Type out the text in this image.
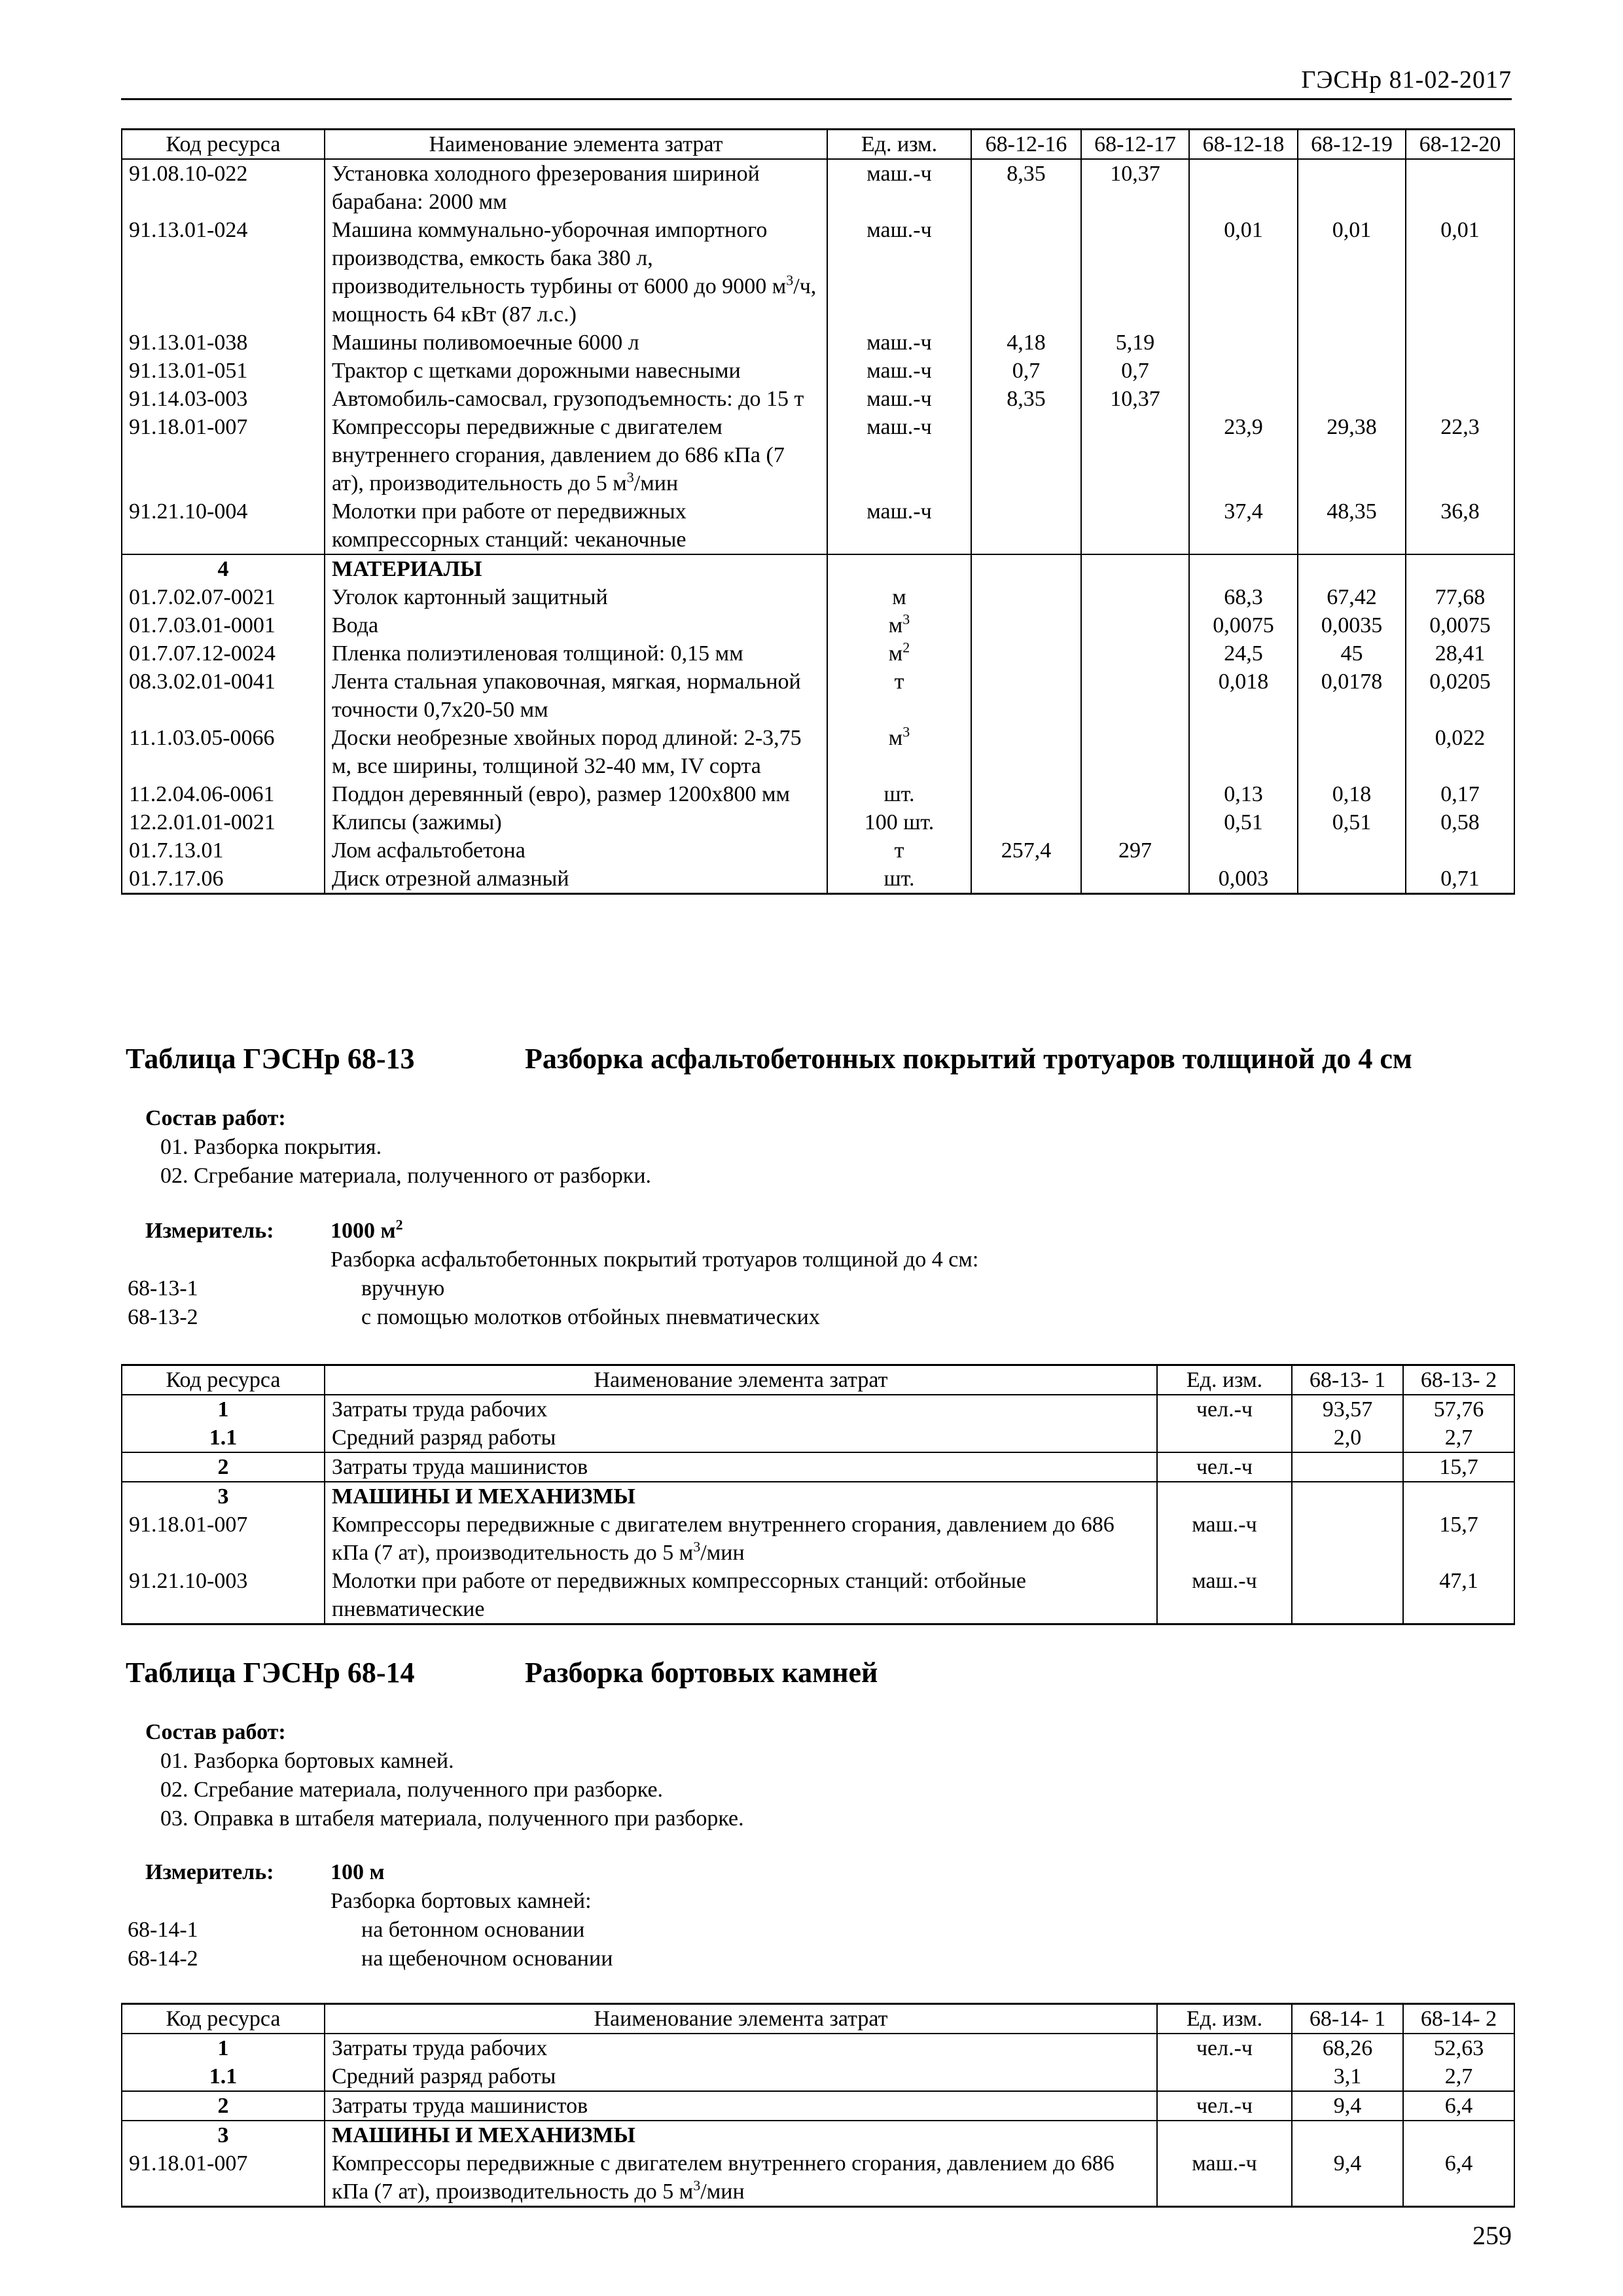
ГЭСНр 81-02-2017
Код ресурса	Наименование элемента затрат	Ед. изм.	68-12-16	68-12-17	68-12-18	68-12-19	68-12-20
91.08.10-022	Установка холодного фрезерования шириной барабана: 2000 мм	маш.-ч	8,35	10,37			
91.13.01-024	Машина коммунально-уборочная импортного производства, емкость бака 380 л, производительность турбины от 6000 до 9000 $м^3/ч$, мощность 64 кВт (87 л.с.)	маш.-ч			0,01	0,01	0,01
91.13.01-038	Машины поливомоечные 6000 л	маш.-ч	4,18	5,19			
91.13.01-051	Трактор с щетками дорожными навесными	маш.-ч	0,7	0,7			
91.14.03-003	Автомобиль-самосвал, грузоподъемность: до 15 т	маш.-ч	8,35	10,37			
91.18.01-007	Компрессоры передвижные с двигателем внутреннего сгорания, давлением до 686 кПа (7 ат), производительность до 5 $м^3$/мин	маш.-ч			23,9	29,38	22,3
91.21.10-004	Молотки при работе от передвижных компрессорных станций: чеканочные	маш.-ч			37,4	48,35	36,8
4	МАТЕРИАЛЫ						
01.7.02.07-0021	Уголок картонный защитный	м			68,3	67,42	77,68
01.7.03.01-0001	Вода	$м^3$			0,0075	0,0035	0,0075
01.7.07.12-0024	Пленка полиэтиленовая толщиной: 0,15 мм	$м^2$			24,5	45	28,41
08.3.02.01-0041	Лента стальная упаковочная, мягкая, нормальной точности 0,7х20-50 мм	т			0,018	0,0178	0,0205
11.1.03.05-0066	Доски необрезные хвойных пород длиной: 2-3,75 м, все ширины, толщиной 32-40 мм, IV сорта	$м^3$					0,022
11.2.04.06-0061	Поддон деревянный (евро), размер 1200х800 мм	шт.			0,13	0,18	0,17
12.2.01.01-0021	Клипсы (зажимы)	100 шт.			0,51	0,51	0,58
01.7.13.01	Лом асфальтобетона	т	257,4	297			
01.7.17.06	Диск отрезной алмазный	шт.			0,003		0,71
Таблица ГЭСНр 68-13	Разборка асфальтобетонных покрытий тротуаров толщиной до 4 см
Состав работ:
01. Разборка покрытия.
02. Сгребание материала, полученного от разборки.
Измеритель:	1000 $м^2$
Разборка асфальтобетонных покрытий тротуаров толщиной до 4 см:
68-13-1	вручную
68-13-2	с помощью молотков отбойных пневматических
Код ресурса	Наименование элемента затрат	Ед. изм.	68-13- 1	68-13- 2
1	Затраты труда рабочих	чел.-ч	93,57	57,76
1.1	Средний разряд работы		2,0	2,7
2	Затраты труда машинистов	чел.-ч		15,7
3	МАШИНЫ И МЕХАНИЗМЫ			
91.18.01-007	Компрессоры передвижные с двигателем внутреннего сгорания, давлением до 686 кПа (7 ат), производительность до 5 $м^3$/мин	маш.-ч		15,7
91.21.10-003	Молотки при работе от передвижных компрессорных станций: отбойные пневматические	маш.-ч		47,1
Таблица ГЭСНр 68-14	Разборка бортовых камней
Состав работ:
01. Разборка бортовых камней.
02. Сгребание материала, полученного при разборке.
03. Оправка в штабеля материала, полученного при разборке.
Измеритель:	100 м
Разборка бортовых камней:
68-14-1	на бетонном основании
68-14-2	на щебеночном основании
Код ресурса	Наименование элемента затрат	Ед. изм.	68-14- 1	68-14- 2
1	Затраты труда рабочих	чел.-ч	68,26	52,63
1.1	Средний разряд работы		3,1	2,7
2	Затраты труда машинистов	чел.-ч	9,4	6,4
3	МАШИНЫ И МЕХАНИЗМЫ			
91.18.01-007	Компрессоры передвижные с двигателем внутреннего сгорания, давлением до 686 кПа (7 ат), производительность до 5 $м^3$/мин	маш.-ч	9,4	6,4
259
